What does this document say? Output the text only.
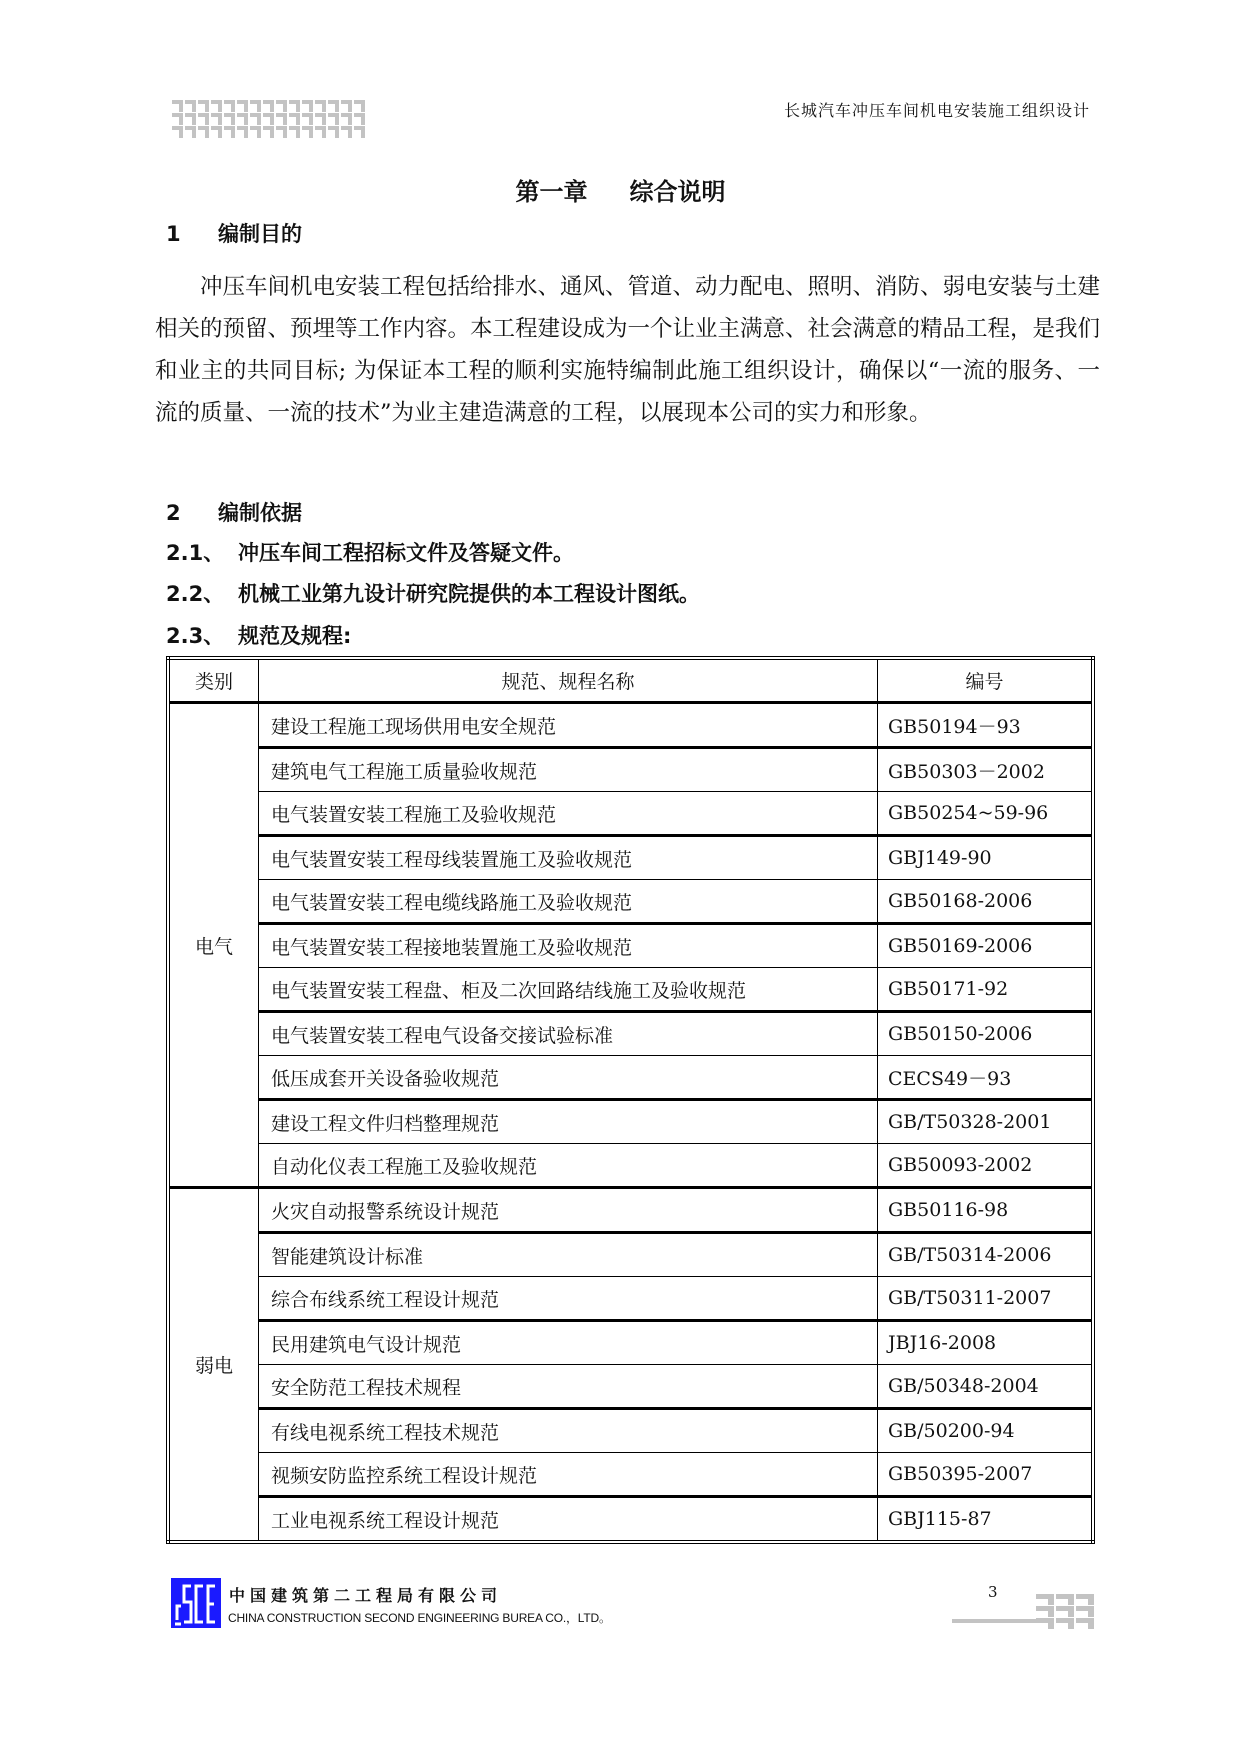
长城汽车冲压车间机电安装施工组织设计
第一章 综合说明
1 编制目的
冲压车间机电安装工程包括给排水、通风、管道、动力配电、照明、消防、弱电安装与土建相关的预留、预埋等工作内容。本工程建设成为一个让业主满意、社会满意的精品工程，是我们和业主的共同目标; 为保证本工程的顺利实施特编制此施工组织设计，确保以“一流的服务、一流的质量、一流的技术”为业主建造满意的工程，以展现本公司的实力和形象。
2 编制依据
2.1、 冲压车间工程招标文件及答疑文件。
2.2、 机械工业第九设计研究院提供的本工程设计图纸。
2.3、 规范及规程:
类别	规范、规程名称	编号
电气	建设工程施工现场供用电安全规范	GB50194－93
	建筑电气工程施工质量验收规范	GB50303－2002
	电气装置安装工程施工及验收规范	GB50254~59-96
	电气装置安装工程母线装置施工及验收规范	GBJ149-90
	电气装置安装工程电缆线路施工及验收规范	GB50168-2006
	电气装置安装工程接地装置施工及验收规范	GB50169-2006
	电气装置安装工程盘、柜及二次回路结线施工及验收规范	GB50171-92
	电气装置安装工程电气设备交接试验标准	GB50150-2006
	低压成套开关设备验收规范	CECS49－93
	建设工程文件归档整理规范	GB/T50328-2001
	自动化仪表工程施工及验收规范	GB50093-2002
弱电	火灾自动报警系统设计规范	GB50116-98
	智能建筑设计标准	GB/T50314-2006
	综合布线系统工程设计规范	GB/T50311-2007
	民用建筑电气设计规范	JBJ16-2008
	安全防范工程技术规程	GB/50348-2004
	有线电视系统工程技术规范	GB/50200-94
	视频安防监控系统工程设计规范	GB50395-2007
	工业电视系统工程设计规范	GBJ115-87
中国建筑第二工程局有限公司
CHINA CONSTRUCTION SECOND ENGINEERING BUREA CO.，LTD。
3
